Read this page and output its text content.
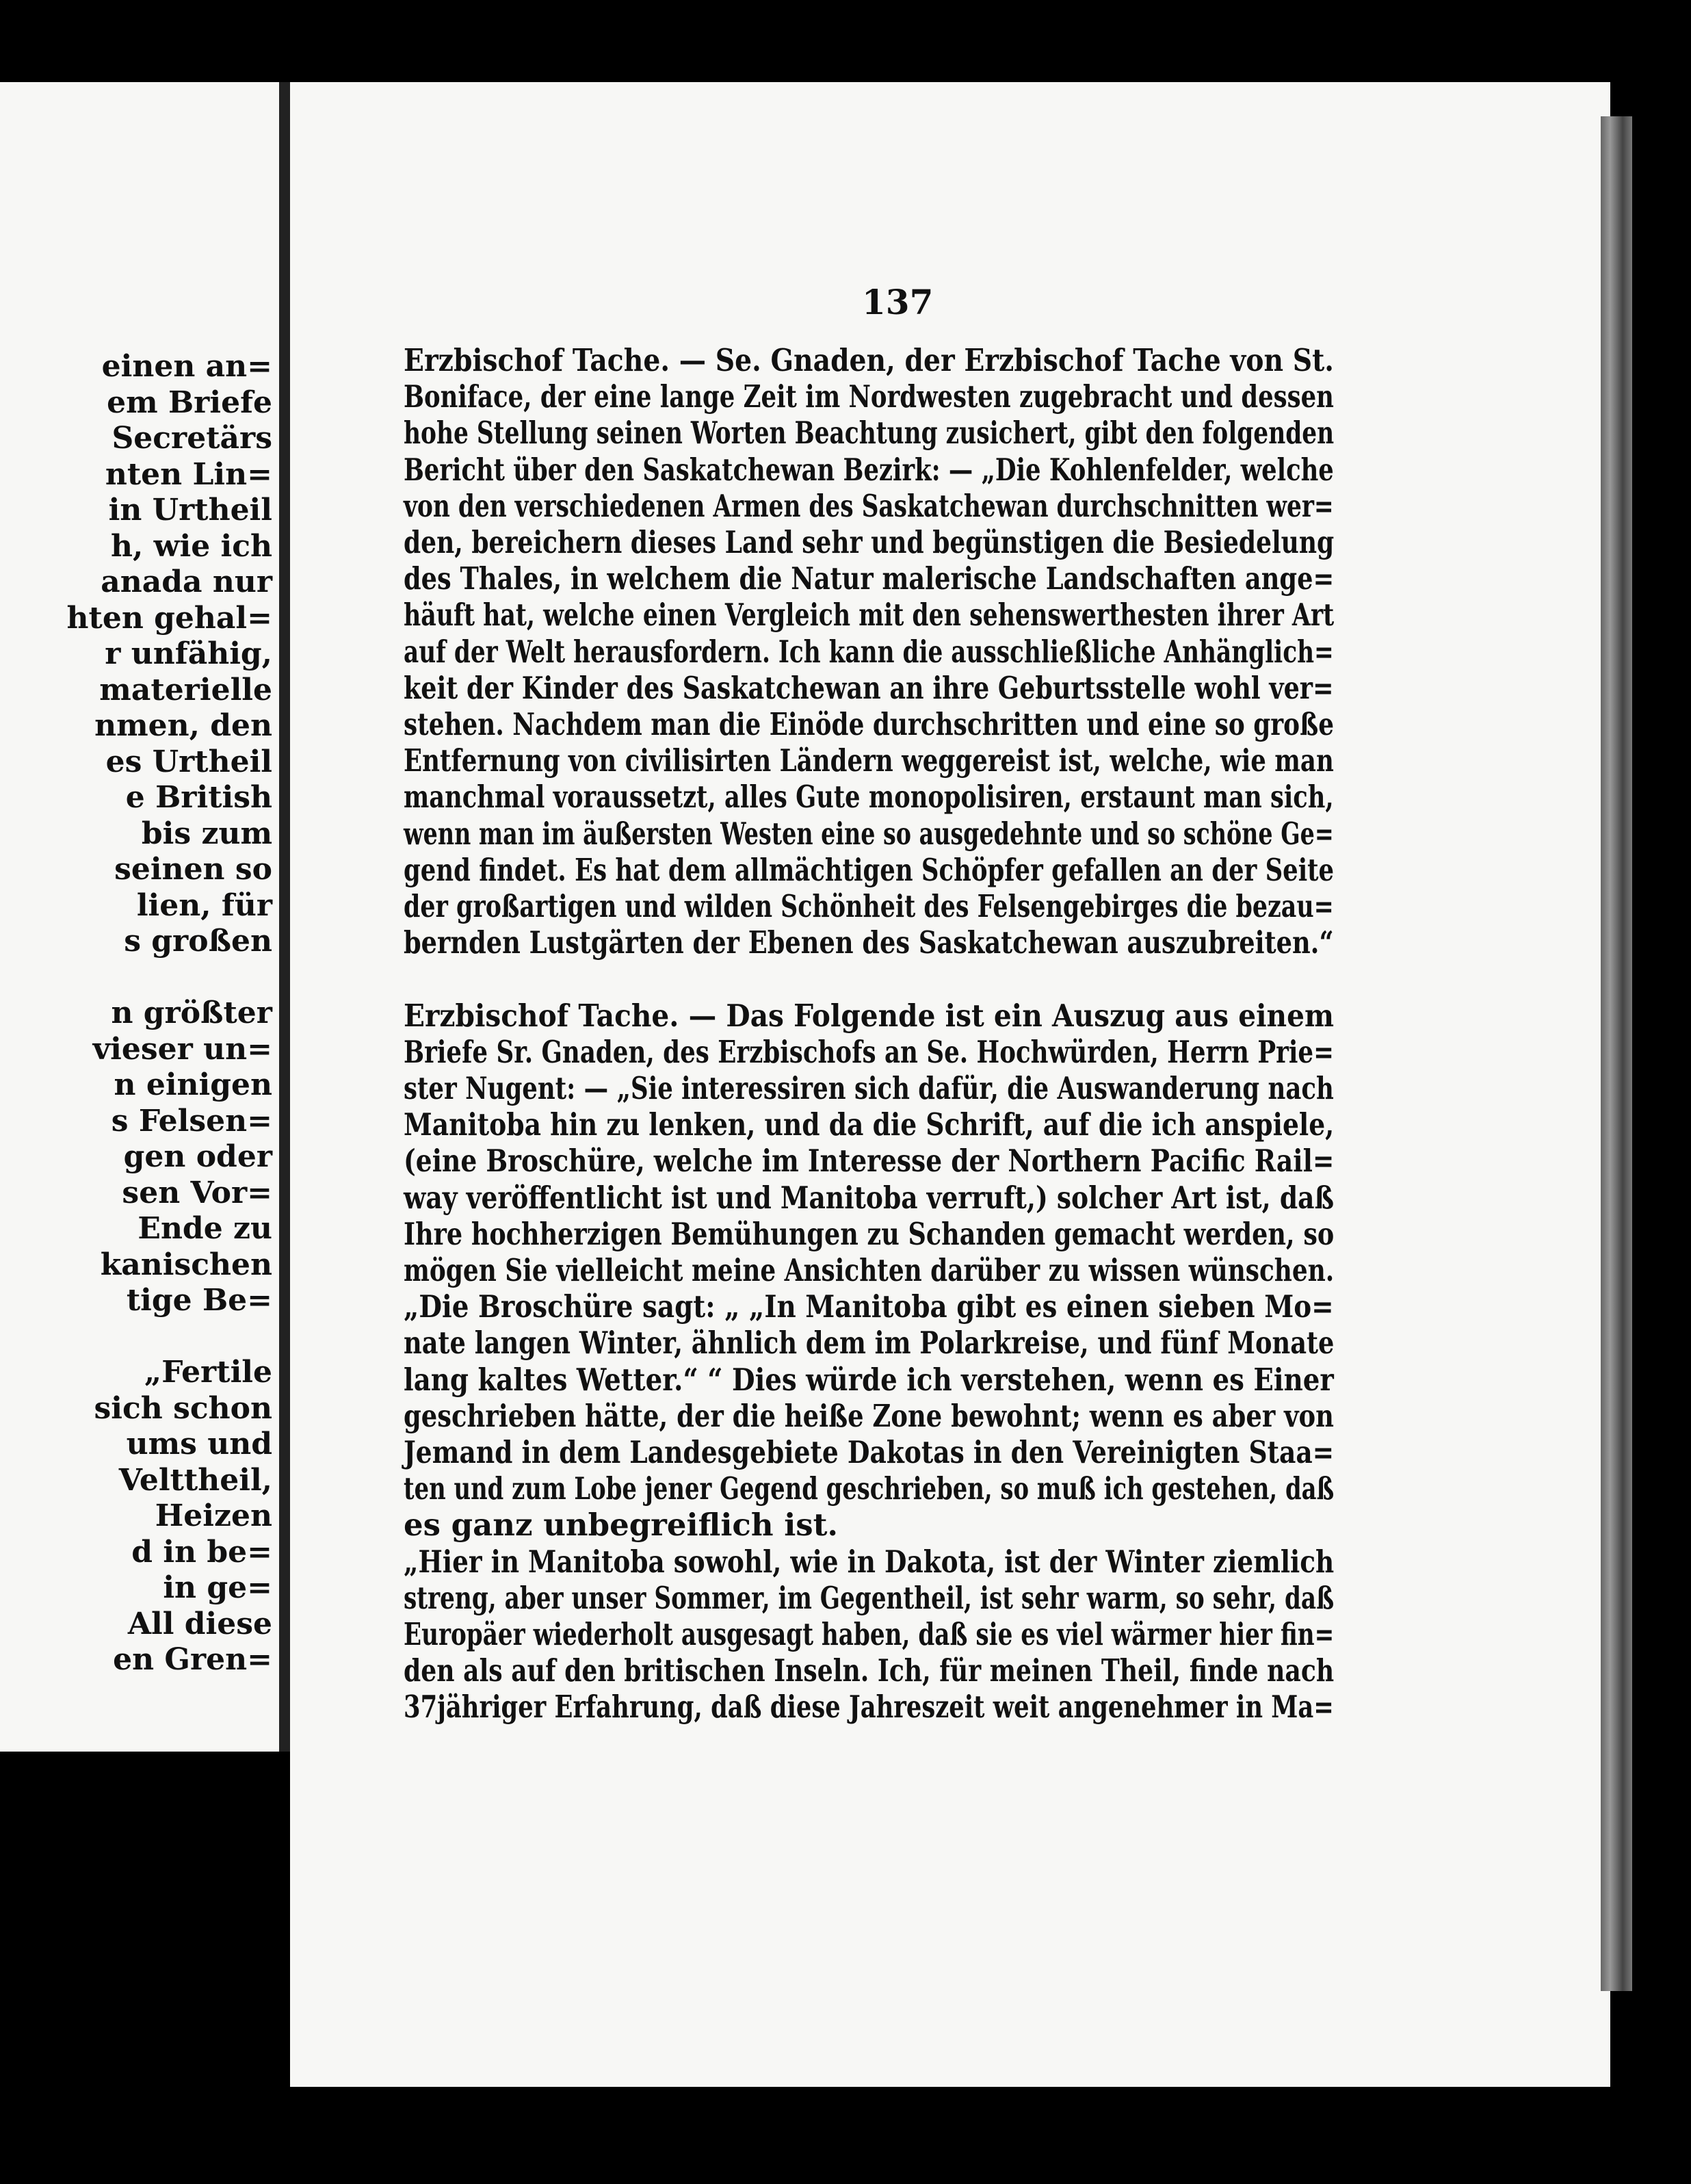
einen an=
em Briefe
Secretärs
nten Lin=
in Urtheil
h, wie ich
anada nur
hten gehal=
r unfähig,
materielle
nmen, den
es Urtheil
e British
bis zum
seinen so
lien, für
s großen
n größter
vieser un=
n einigen
s Felsen=
gen oder
sen Vor=
Ende zu
kanischen
tige Be=
„Fertile
sich schon
ums und
Velttheil,
Heizen
d in be=
in ge=
All diese
en Gren=
137
Erzbischof Tache. — Se. Gnaden, der Erzbischof Tache von St.
Boniface, der eine lange Zeit im Nordwesten zugebracht und dessen
hohe Stellung seinen Worten Beachtung zusichert, gibt den folgenden
Bericht über den Saskatchewan Bezirk: — „Die Kohlenfelder, welche
von den verschiedenen Armen des Saskatchewan durchschnitten wer=
den, bereichern dieses Land sehr und begünstigen die Besiedelung
des Thales, in welchem die Natur malerische Landschaften ange=
häuft hat, welche einen Vergleich mit den sehenswerthesten ihrer Art
auf der Welt herausfordern. Ich kann die ausschließliche Anhänglich=
keit der Kinder des Saskatchewan an ihre Geburtsstelle wohl ver=
stehen. Nachdem man die Einöde durchschritten und eine so große
Entfernung von civilisirten Ländern weggereist ist, welche, wie man
manchmal voraussetzt, alles Gute monopolisiren, erstaunt man sich,
wenn man im äußersten Westen eine so ausgedehnte und so schöne Ge=
gend findet. Es hat dem allmächtigen Schöpfer gefallen an der Seite
der großartigen und wilden Schönheit des Felsengebirges die bezau=
bernden Lustgärten der Ebenen des Saskatchewan auszubreiten.“
Erzbischof Tache. — Das Folgende ist ein Auszug aus einem
Briefe Sr. Gnaden, des Erzbischofs an Se. Hochwürden, Herrn Prie=
ster Nugent: — „Sie interessiren sich dafür, die Auswanderung nach
Manitoba hin zu lenken, und da die Schrift, auf die ich anspiele,
(eine Broschüre, welche im Interesse der Northern Pacific Rail=
way veröffentlicht ist und Manitoba verruft,) solcher Art ist, daß
Ihre hochherzigen Bemühungen zu Schanden gemacht werden, so
mögen Sie vielleicht meine Ansichten darüber zu wissen wünschen.
„Die Broschüre sagt: „ „In Manitoba gibt es einen sieben Mo=
nate langen Winter, ähnlich dem im Polarkreise, und fünf Monate
lang kaltes Wetter.“ “ Dies würde ich verstehen, wenn es Einer
geschrieben hätte, der die heiße Zone bewohnt; wenn es aber von
Jemand in dem Landesgebiete Dakotas in den Vereinigten Staa=
ten und zum Lobe jener Gegend geschrieben, so muß ich gestehen, daß
es ganz unbegreiflich ist.
„Hier in Manitoba sowohl, wie in Dakota, ist der Winter ziemlich
streng, aber unser Sommer, im Gegentheil, ist sehr warm, so sehr, daß
Europäer wiederholt ausgesagt haben, daß sie es viel wärmer hier fin=
den als auf den britischen Inseln. Ich, für meinen Theil, finde nach
37jähriger Erfahrung, daß diese Jahreszeit weit angenehmer in Ma=
